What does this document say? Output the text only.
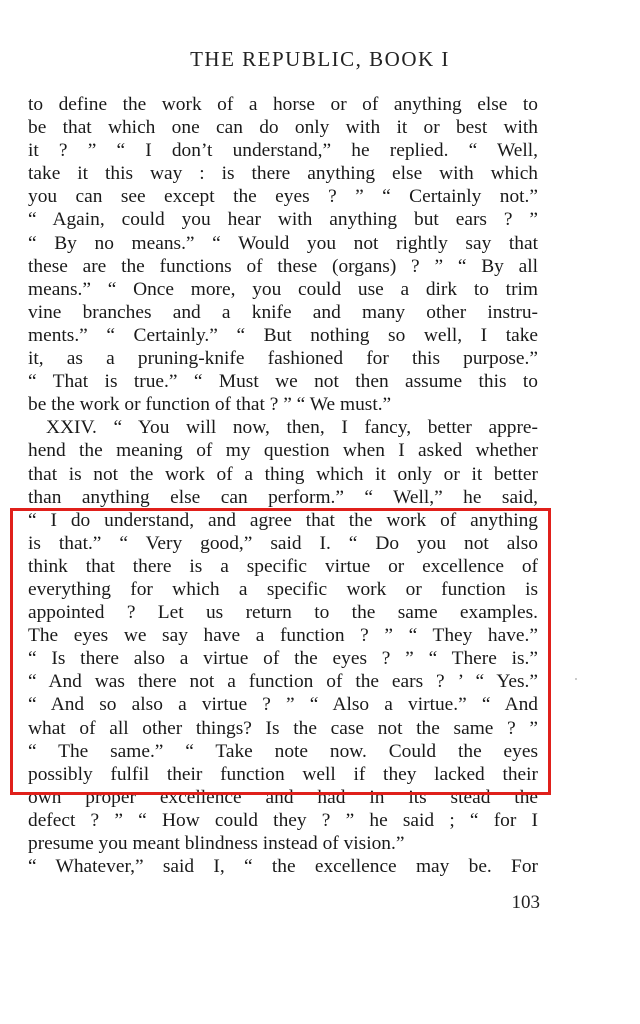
THE REPUBLIC, BOOK I
to define the work of a horse or of anything else to
be that which one can do only with it or best with
it ? ” “ I don’t understand,” he replied. “ Well,
take it this way : is there anything else with which
you can see except the eyes ? ” “ Certainly not.”
“ Again, could you hear with anything but ears ? ”
“ By no means.” “ Would you not rightly say that
these are the functions of these (organs) ? ” “ By all
means.” “ Once more, you could use a dirk to trim
vine branches and a knife and many other instru-
ments.” “ Certainly.” “ But nothing so well, I take
it, as a pruning-knife fashioned for this purpose.”
“ That is true.” “ Must we not then assume this to
be the work or function of that ? ” “ We must.”
XXIV. “ You will now, then, I fancy, better appre-
hend the meaning of my question when I asked whether
that is not the work of a thing which it only or it better
than anything else can perform.” “ Well,” he said,
“ I do understand, and agree that the work of anything
is that.” “ Very good,” said I. “ Do you not also
think that there is a specific virtue or excellence of
everything for which a specific work or function is
appointed ? Let us return to the same examples.
The eyes we say have a function ? ” “ They have.”
“ Is there also a virtue of the eyes ? ” “ There is.”
“ And was there not a function of the ears ? ’ “ Yes.”
“ And so also a virtue ? ” “ Also a virtue.” “ And
what of all other things? Is the case not the same ? ”
“ The same.” “ Take note now. Could the eyes
possibly fulfil their function well if they lacked their
own proper excellence and had in its stead the
defect ? ” “ How could they ? ” he said ; “ for I
presume you meant blindness instead of vision.”
“ Whatever,” said I, “ the excellence may be. For
103
